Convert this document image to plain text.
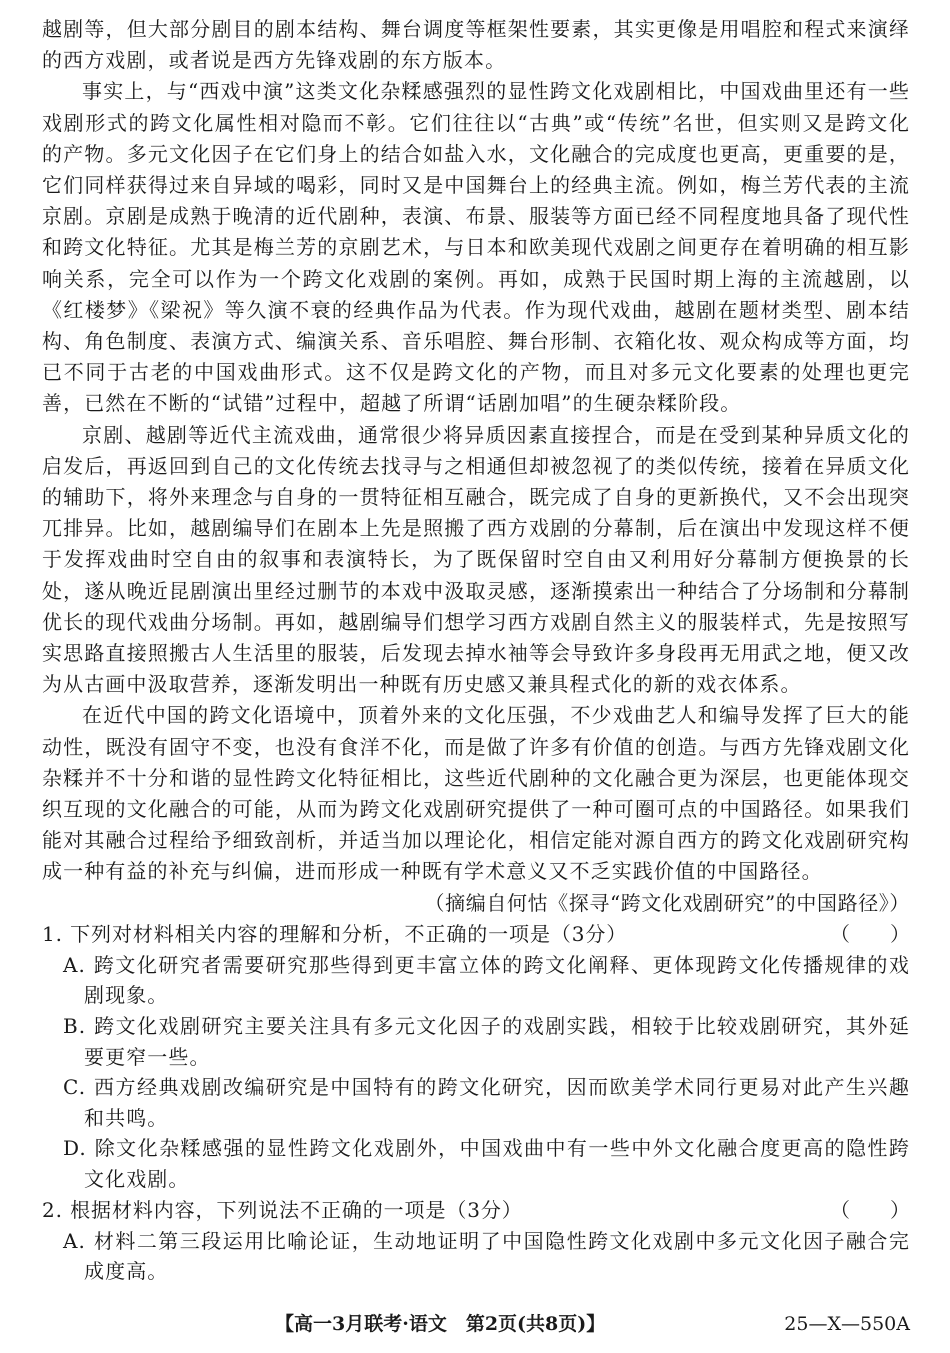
越剧等，但大部分剧目的剧本结构、舞台调度等框架性要素，其实更像是用唱腔和程式来演绎的西方戏剧，或者说是西方先锋戏剧的东方版本。

事实上，与“西戏中演”这类文化杂糅感强烈的显性跨文化戏剧相比，中国戏曲里还有一些戏剧形式的跨文化属性相对隐而不彰。它们往往以“古典”或“传统”名世，但实则又是跨文化的产物。多元文化因子在它们身上的结合如盐入水，文化融合的完成度也更高，更重要的是，它们同样获得过来自异域的喝彩，同时又是中国舞台上的经典主流。例如，梅兰芳代表的主流京剧。京剧是成熟于晚清的近代剧种，表演、布景、服装等方面已经不同程度地具备了现代性和跨文化特征。尤其是梅兰芳的京剧艺术，与日本和欧美现代戏剧之间更存在着明确的相互影响关系，完全可以作为一个跨文化戏剧的案例。再如，成熟于民国时期上海的主流越剧，以《红楼梦》《梁祝》等久演不衰的经典作品为代表。作为现代戏曲，越剧在题材类型、剧本结构、角色制度、表演方式、编演关系、音乐唱腔、舞台形制、衣箱化妆、观众构成等方面，均已不同于古老的中国戏曲形式。这不仅是跨文化的产物，而且对多元文化要素的处理也更完善，已然在不断的“试错”过程中，超越了所谓“话剧加唱”的生硬杂糅阶段。

京剧、越剧等近代主流戏曲，通常很少将异质因素直接捏合，而是在受到某种异质文化的启发后，再返回到自己的文化传统去找寻与之相通但却被忽视了的类似传统，接着在异质文化的辅助下，将外来理念与自身的一贯特征相互融合，既完成了自身的更新换代，又不会出现突兀排异。比如，越剧编导们在剧本上先是照搬了西方戏剧的分幕制，后在演出中发现这样不便于发挥戏曲时空自由的叙事和表演特长，为了既保留时空自由又利用好分幕制方便换景的长处，遂从晚近昆剧演出里经过删节的本戏中汲取灵感，逐渐摸索出一种结合了分场制和分幕制优长的现代戏曲分场制。再如，越剧编导们想学习西方戏剧自然主义的服装样式，先是按照写实思路直接照搬古人生活里的服装，后发现去掉水袖等会导致许多身段再无用武之地，便又改为从古画中汲取营养，逐渐发明出一种既有历史感又兼具程式化的新的戏衣体系。

在近代中国的跨文化语境中，顶着外来的文化压强，不少戏曲艺人和编导发挥了巨大的能动性，既没有固守不变，也没有食洋不化，而是做了许多有价值的创造。与西方先锋戏剧文化杂糅并不十分和谐的显性跨文化特征相比，这些近代剧种的文化融合更为深层，也更能体现交织互现的文化融合的可能，从而为跨文化戏剧研究提供了一种可圈可点的中国路径。如果我们能对其融合过程给予细致剖析，并适当加以理论化，相信定能对源自西方的跨文化戏剧研究构成一种有益的补充与纠偏，进而形成一种既有学术意义又不乏实践价值的中国路径。

（摘编自何怙《探寻“跨文化戏剧研究”的中国路径》）

1. 下列对材料相关内容的理解和分析，不正确的一项是（3分）	（　　）

A. 跨文化研究者需要研究那些得到更丰富立体的跨文化阐释、更体现跨文化传播规律的戏剧现象。

B. 跨文化戏剧研究主要关注具有多元文化因子的戏剧实践，相较于比较戏剧研究，其外延要更窄一些。

C. 西方经典戏剧改编研究是中国特有的跨文化研究，因而欧美学术同行更易对此产生兴趣和共鸣。

D. 除文化杂糅感强的显性跨文化戏剧外，中国戏曲中有一些中外文化融合度更高的隐性跨文化戏剧。

2. 根据材料内容，下列说法不正确的一项是（3分）	（　　）

A. 材料二第三段运用比喻论证，生动地证明了中国隐性跨文化戏剧中多元文化因子融合完成度高。

【高一3月联考·语文　第2页(共8页)】	25—X—550A
